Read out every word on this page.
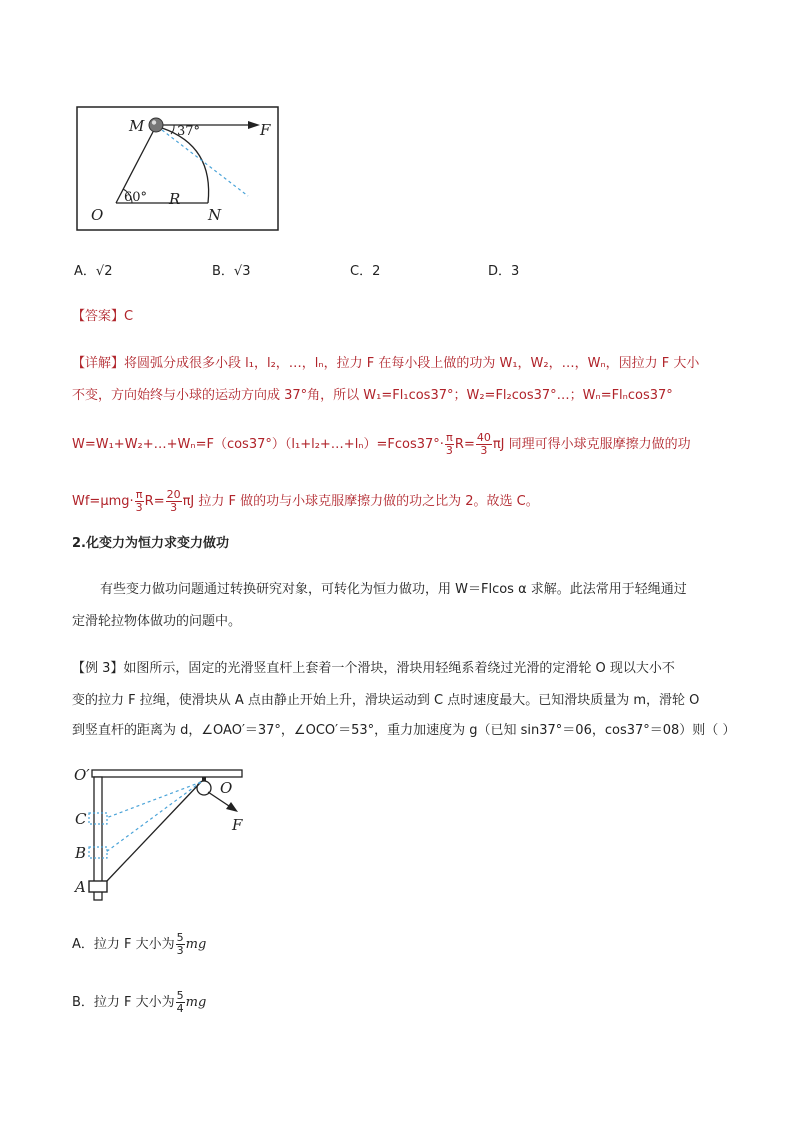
M	37°	F
60° R
O	N
A．√2	B．√3	C．2	D．3
【答案】C
【详解】将圆弧分成很多小段 l₁，l₂，…，lₙ，拉力 F 在每小段上做的功为 W₁，W₂，…，Wₙ，因拉力 F 大小
不变，方向始终与小球的运动方向成 37°角，所以 W₁=Fl₁cos37°；W₂=Fl₂cos37°…；Wₙ=Flₙcos37°
W=W₁+W₂+…+Wₙ=F（cos37°）（l₁+l₂+…+lₙ）=Fcos37°· $\frac{\pi}{3} R= \frac{40}{3}$ πJ 同理可得小球克服摩擦力做的功
$Wf=\mu mg\cdot \frac{\pi}{3} R= \frac{20}{3}$ πJ 拉力 F 做的功与小球克服摩擦力做的功之比为 2。故选 C。
2.化变力为恒力求变力做功
有些变力做功问题通过转换研究对象，可转化为恒力做功，用 W＝Flcos α 求解。此法常用于轻绳通过
定滑轮拉物体做功的问题中。
【例 3】如图所示，固定的光滑竖直杆上套着一个滑块，滑块用轻绳系着绕过光滑的定滑轮 O 现以大小不
变的拉力 F 拉绳，使滑块从 A 点由静止开始上升，滑块运动到 C 点时速度最大。已知滑块质量为 m，滑轮 O
到竖直杆的距离为 d，∠OAO′＝37°，∠OCO′＝53°，重力加速度为 g（已知 sin37°＝06，cos37°＝08）则（ ）
O′
O
F
C
B
A
A．拉力 F 大小为 $\frac{5}{3}$ mg
B．拉力 F 大小为 $\frac{5}{4}$ mg
